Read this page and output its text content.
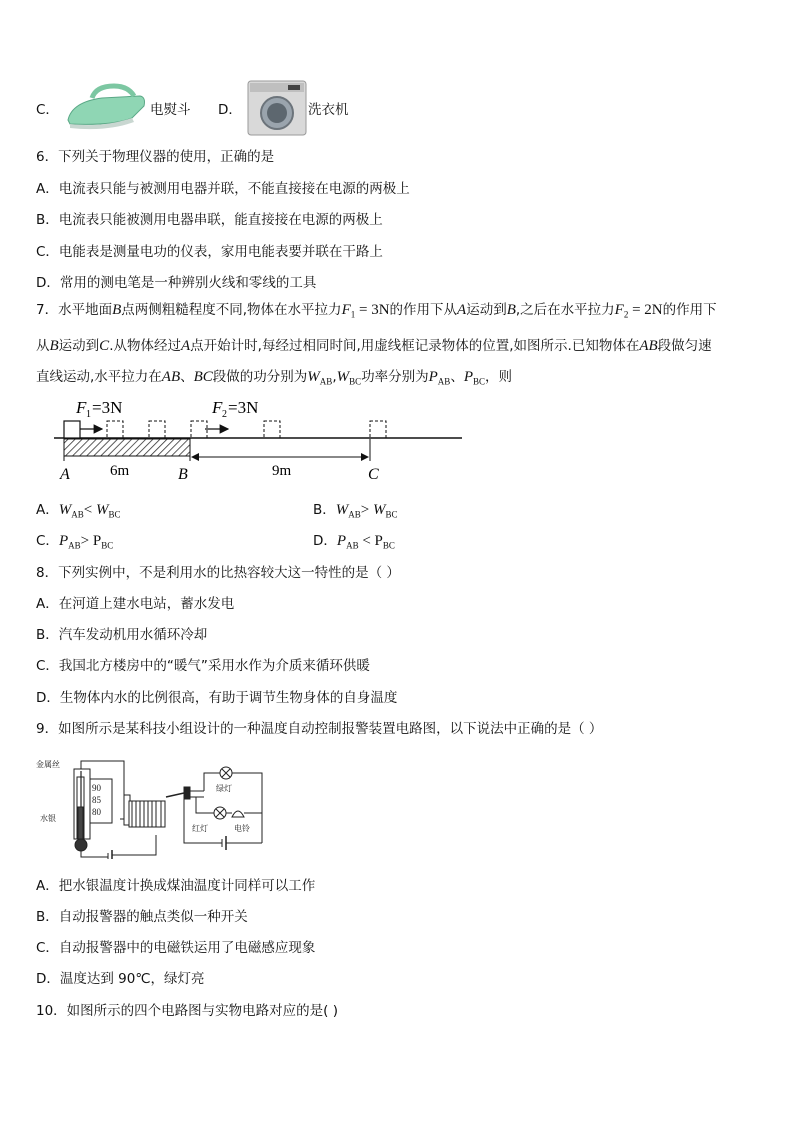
C．	电熨斗 D．	洗衣机
6．下列关于物理仪器的使用，正确的是
A．电流表只能与被测用电器并联，不能直接接在电源的两极上
B．电流表只能被测用电器串联，能直接接在电源的两极上
C．电能表是测量电功的仪表，家用电能表要并联在干路上
D．常用的测电笔是一种辨别火线和零线的工具
7．水平地面B点两侧粗糙程度不同,物体在水平拉力$F_1 = 3N$的作用下从A运动到B,之后在水平拉力$F_2 = 2N$的作用下
从B运动到C.从物体经过A点开始计时,每经过相同时间,用虚线框记录物体的位置,如图所示.已知物体在AB段做匀速
直线运动,水平拉力在AB、BC段做的功分别为$W_{AB},W_{BC}$功率分别为$P_{AB}$、$P_{BC}$，则
F 1 =3N	F 2 =3N
6m	9m
A	B	C
A．$W_{AB}< W_{BC}$	B．$W_{AB}> W_{BC}$
C．$P_{AB}> P_{BC}$	D．$P_{AB} < P_{BC}$
8．下列实例中，不是利用水的比热容较大这一特性的是（ ）
A．在河道上建水电站，蓄水发电
B．汽车发动机用水循环冷却
C．我国北方楼房中的“暖气”采用水作为介质来循环供暖
D．生物体内水的比例很高，有助于调节生物身体的自身温度
9．如图所示是某科技小组设计的一种温度自动控制报警装置电路图，以下说法中正确的是（ ）
金属丝
水银
90
85
80
绿灯
红灯	电铃
A．把水银温度计换成煤油温度计同样可以工作
B．自动报警器的触点类似一种开关
C．自动报警器中的电磁铁运用了电磁感应现象
D．温度达到 90℃，绿灯亮
10．如图所示的四个电路图与实物电路对应的是( )
